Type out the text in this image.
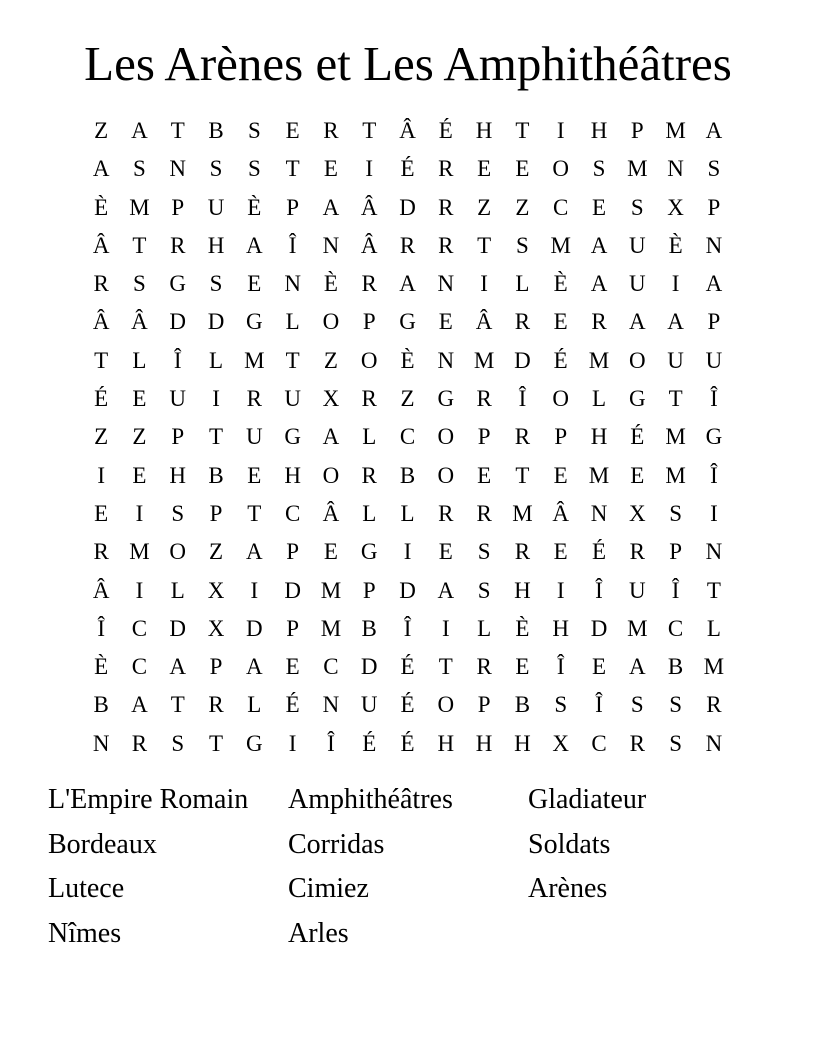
Les Arènes et Les Amphithéâtres
Z A T	B	S	E	R	T Â É H T	I	H	P M A
A	S	N	S	S	T	E	I	É	R	E	E O	S M N	S
È M P	U È	P	A Â D R	Z	Z	C	E	S	X	P
Â T	R H A	Î	N Â R R	T	S M A U È N
R	S	G	S	E N È	R A N	I	L	È A U	I	A
Â Â D D G L O	P	G E Â R	E	R A A	P
T	L	Î	L M T	Z O È N M D É M O U U
É	E U	I	R U X R	Z G R	Î	O L G T	Î
Z	Z	P	T U G A L	C O	P	R	P	H É M G
I	E H B	E H O R B O E	T	E M E M	Î
E	I	S	P	T	C Â L	L	R R M Â N X	S	I
R M O Z A	P	E G	I	E	S	R	E	É	R	P	N
Â	I	L X	I	D M P	D A	S	H	I	Î	U	Î	T
Î	C D X D	P M B	Î	I	L	È H D M C	L
È	C A	P	A E	C D É	T	R	E	Î	E A B M
B A T	R	L	É N U É O	P	B	S	Î	S	S	R
N R	S	T G	I	Î	É	É H H H X C R	S	N
L'Empire Romain	Amphithéâtres	Gladiateur
Bordeaux	Corridas	Soldats
Lutece	Cimiez	Arènes
Nîmes	Arles
